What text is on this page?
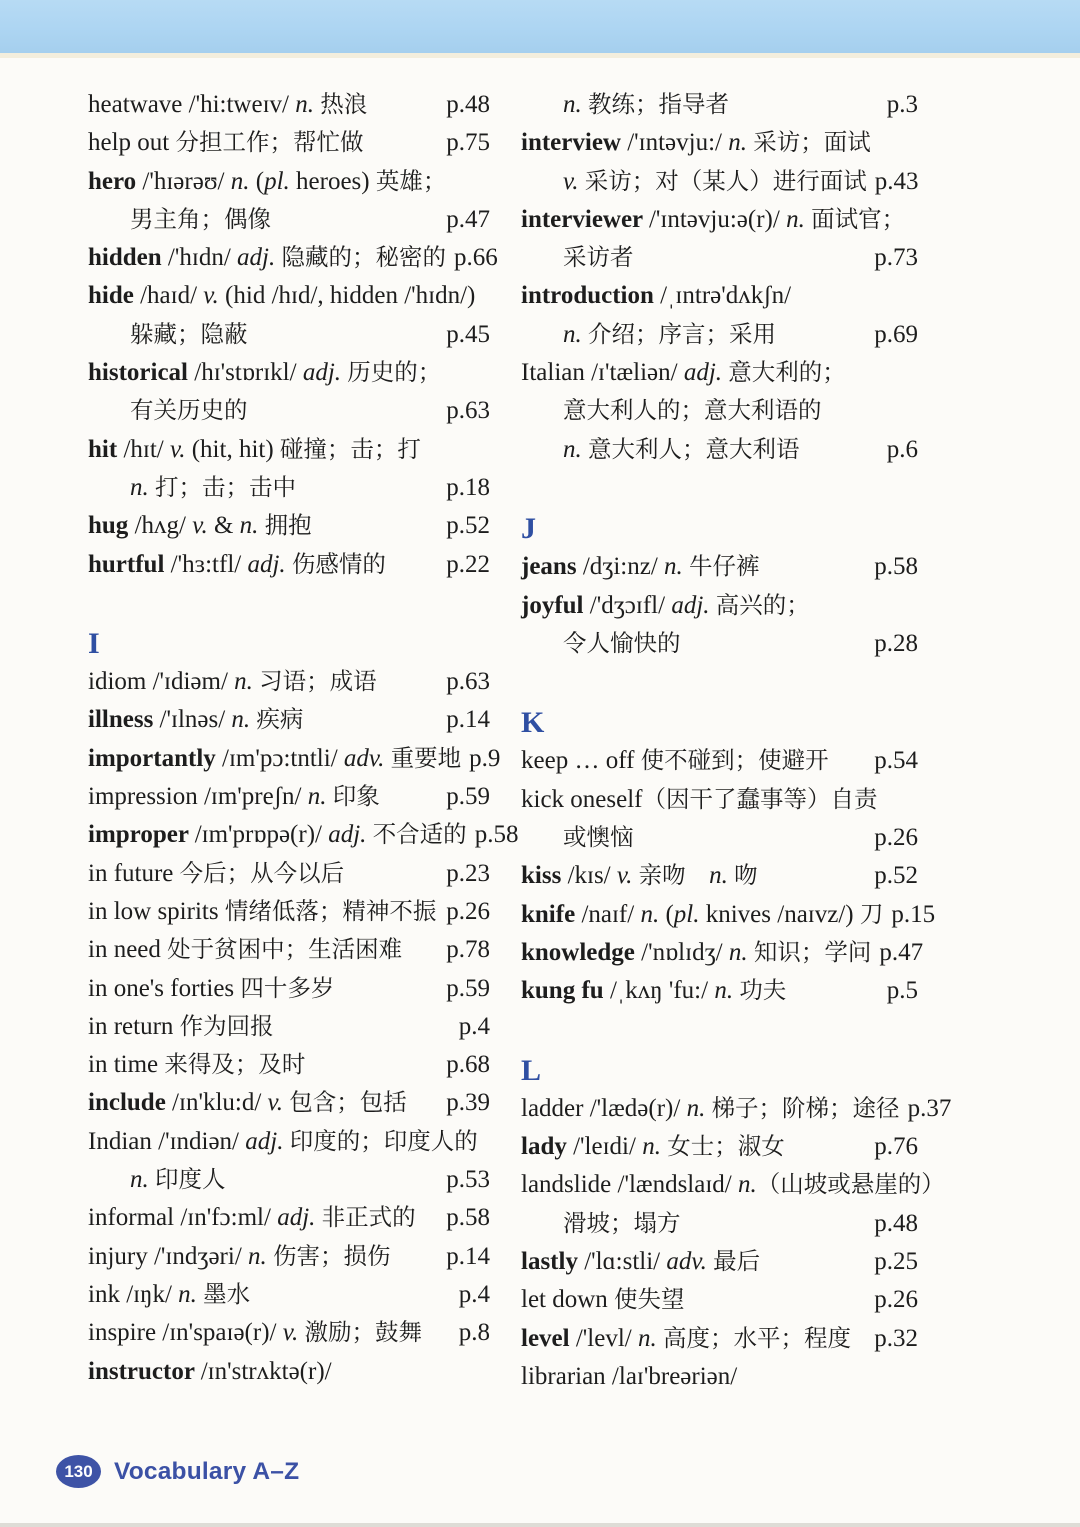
heatwave /'hi:tweɪv/ n. 热浪	p.48
help out 分担工作；帮忙做	p.75
hero /'hɪərəʊ/ n. (pl. heroes) 英雄；
男主角；偶像	p.47
hidden /'hɪdn/ adj. 隐藏的；秘密的 p.66
hide /haɪd/ v. (hid /hɪd/, hidden /'hɪdn/)
躲藏；隐蔽	p.45
historical /hɪ'stɒrɪkl/ adj. 历史的；
有关历史的	p.63
hit /hɪt/ v. (hit, hit) 碰撞；击；打
n. 打；击；击中	p.18
hug /hʌg/ v. & n. 拥抱	p.52
hurtful /'hɜ:tfl/ adj. 伤感情的	p.22
I
idiom /'ɪdiəm/ n. 习语；成语	p.63
illness /'ɪlnəs/ n. 疾病	p.14
importantly /ɪm'pɔ:tntli/ adv. 重要地 p.9
impression /ɪm'preʃn/ n. 印象	p.59
improper /ɪm'prɒpə(r)/ adj. 不合适的 p.58
in future 今后；从今以后	p.23
in low spirits 情绪低落；精神不振 p.26
in need 处于贫困中；生活困难	p.78
in one's forties 四十多岁	p.59
in return 作为回报	p.4
in time 来得及；及时	p.68
include /ɪn'klu:d/ v. 包含；包括	p.39
Indian /'ɪndiən/ adj. 印度的；印度人的
n. 印度人	p.53
informal /ɪn'fɔ:ml/ adj. 非正式的	p.58
injury /'ɪndʒəri/ n. 伤害；损伤	p.14
ink /ɪŋk/ n. 墨水	p.4
inspire /ɪn'spaɪə(r)/ v. 激励；鼓舞	p.8
instructor /ɪn'strʌktə(r)/
n. 教练；指导者	p.3
interview /'ɪntəvju:/ n. 采访；面试
v. 采访；对（某人）进行面试 p.43
interviewer /'ɪntəvju:ə(r)/ n. 面试官；
采访者	p.73
introduction /ˌɪntrə'dʌkʃn/
n. 介绍；序言；采用	p.69
Italian /ɪ'tæliən/ adj. 意大利的；
意大利人的；意大利语的
n. 意大利人；意大利语	p.6
J
jeans /dʒi:nz/ n. 牛仔裤	p.58
joyful /'dʒɔɪfl/ adj. 高兴的；
令人愉快的	p.28
K
keep … off 使不碰到；使避开	p.54
kick oneself（因干了蠢事等）自责
或懊恼	p.26
kiss /kɪs/ v. 亲吻　n. 吻	p.52
knife /naɪf/ n. (pl. knives /naɪvz/) 刀 p.15
knowledge /'nɒlɪdʒ/ n. 知识；学问 p.47
kung fu /ˌkʌŋ 'fu:/ n. 功夫	p.5
L
ladder /'lædə(r)/ n. 梯子；阶梯；途径 p.37
lady /'leɪdi/ n. 女士；淑女	p.76
landslide /'lændslaɪd/ n.（山坡或悬崖的）
滑坡；塌方	p.48
lastly /'lɑ:stli/ adv. 最后	p.25
let down 使失望	p.26
level /'levl/ n. 高度；水平；程度 p.32
librarian /laɪ'breəriən/
130 Vocabulary A–Z
